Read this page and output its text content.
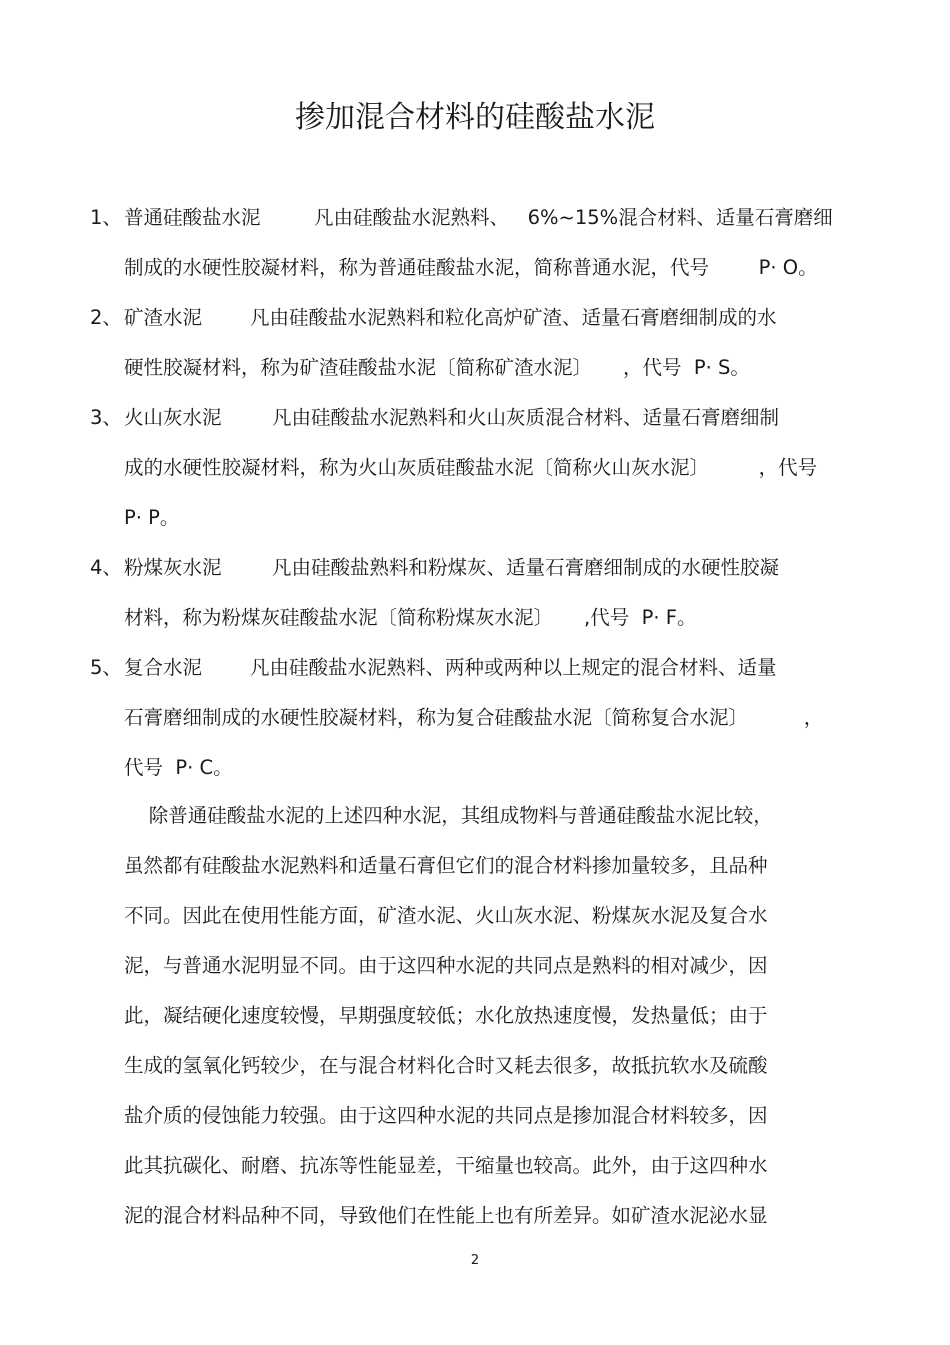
掺加混合材料的硅酸盐水泥
1、 普通硅酸盐水泥	凡由硅酸盐水泥熟料、   6%~15%混合材料、适量石膏磨细
制成的水硬性胶凝材料，称为普通硅酸盐水泥，简称普通水泥，代号        P· O。
2、 矿渣水泥 凡由硅酸盐水泥熟料和粒化高炉矿渣、适量石膏磨细制成的水
硬性胶凝材料，称为矿渣硅酸盐水泥〔简称矿渣水泥〕     ，代号  P· S。
3、 火山灰水泥	凡由硅酸盐水泥熟料和火山灰质混合材料、适量石膏磨细制
成的水硬性胶凝材料，称为火山灰质硅酸盐水泥〔简称火山灰水泥〕        ，代号
P· P。
4、 粉煤灰水泥	凡由硅酸盐熟料和粉煤灰、适量石膏磨细制成的水硬性胶凝
材料，称为粉煤灰硅酸盐水泥〔简称粉煤灰水泥〕     ,代号  P· F。
5、 复合水泥 凡由硅酸盐水泥熟料、两种或两种以上规定的混合材料、适量
石膏磨细制成的水硬性胶凝材料，称为复合硅酸盐水泥〔简称复合水泥〕         ，
代号  P· C。
除普通硅酸盐水泥的上述四种水泥，其组成物料与普通硅酸盐水泥比较，
虽然都有硅酸盐水泥熟料和适量石膏但它们的混合材料掺加量较多，且品种
不同。因此在使用性能方面，矿渣水泥、火山灰水泥、粉煤灰水泥及复合水
泥，与普通水泥明显不同。由于这四种水泥的共同点是熟料的相对减少，因
此，凝结硬化速度较慢，早期强度较低；水化放热速度慢，发热量低；由于
生成的氢氧化钙较少，在与混合材料化合时又耗去很多，故抵抗软水及硫酸
盐介质的侵蚀能力较强。由于这四种水泥的共同点是掺加混合材料较多，因
此其抗碳化、耐磨、抗冻等性能显差，干缩量也较高。此外，由于这四种水
泥的混合材料品种不同，导致他们在性能上也有所差异。如矿渣水泥泌水显
2
